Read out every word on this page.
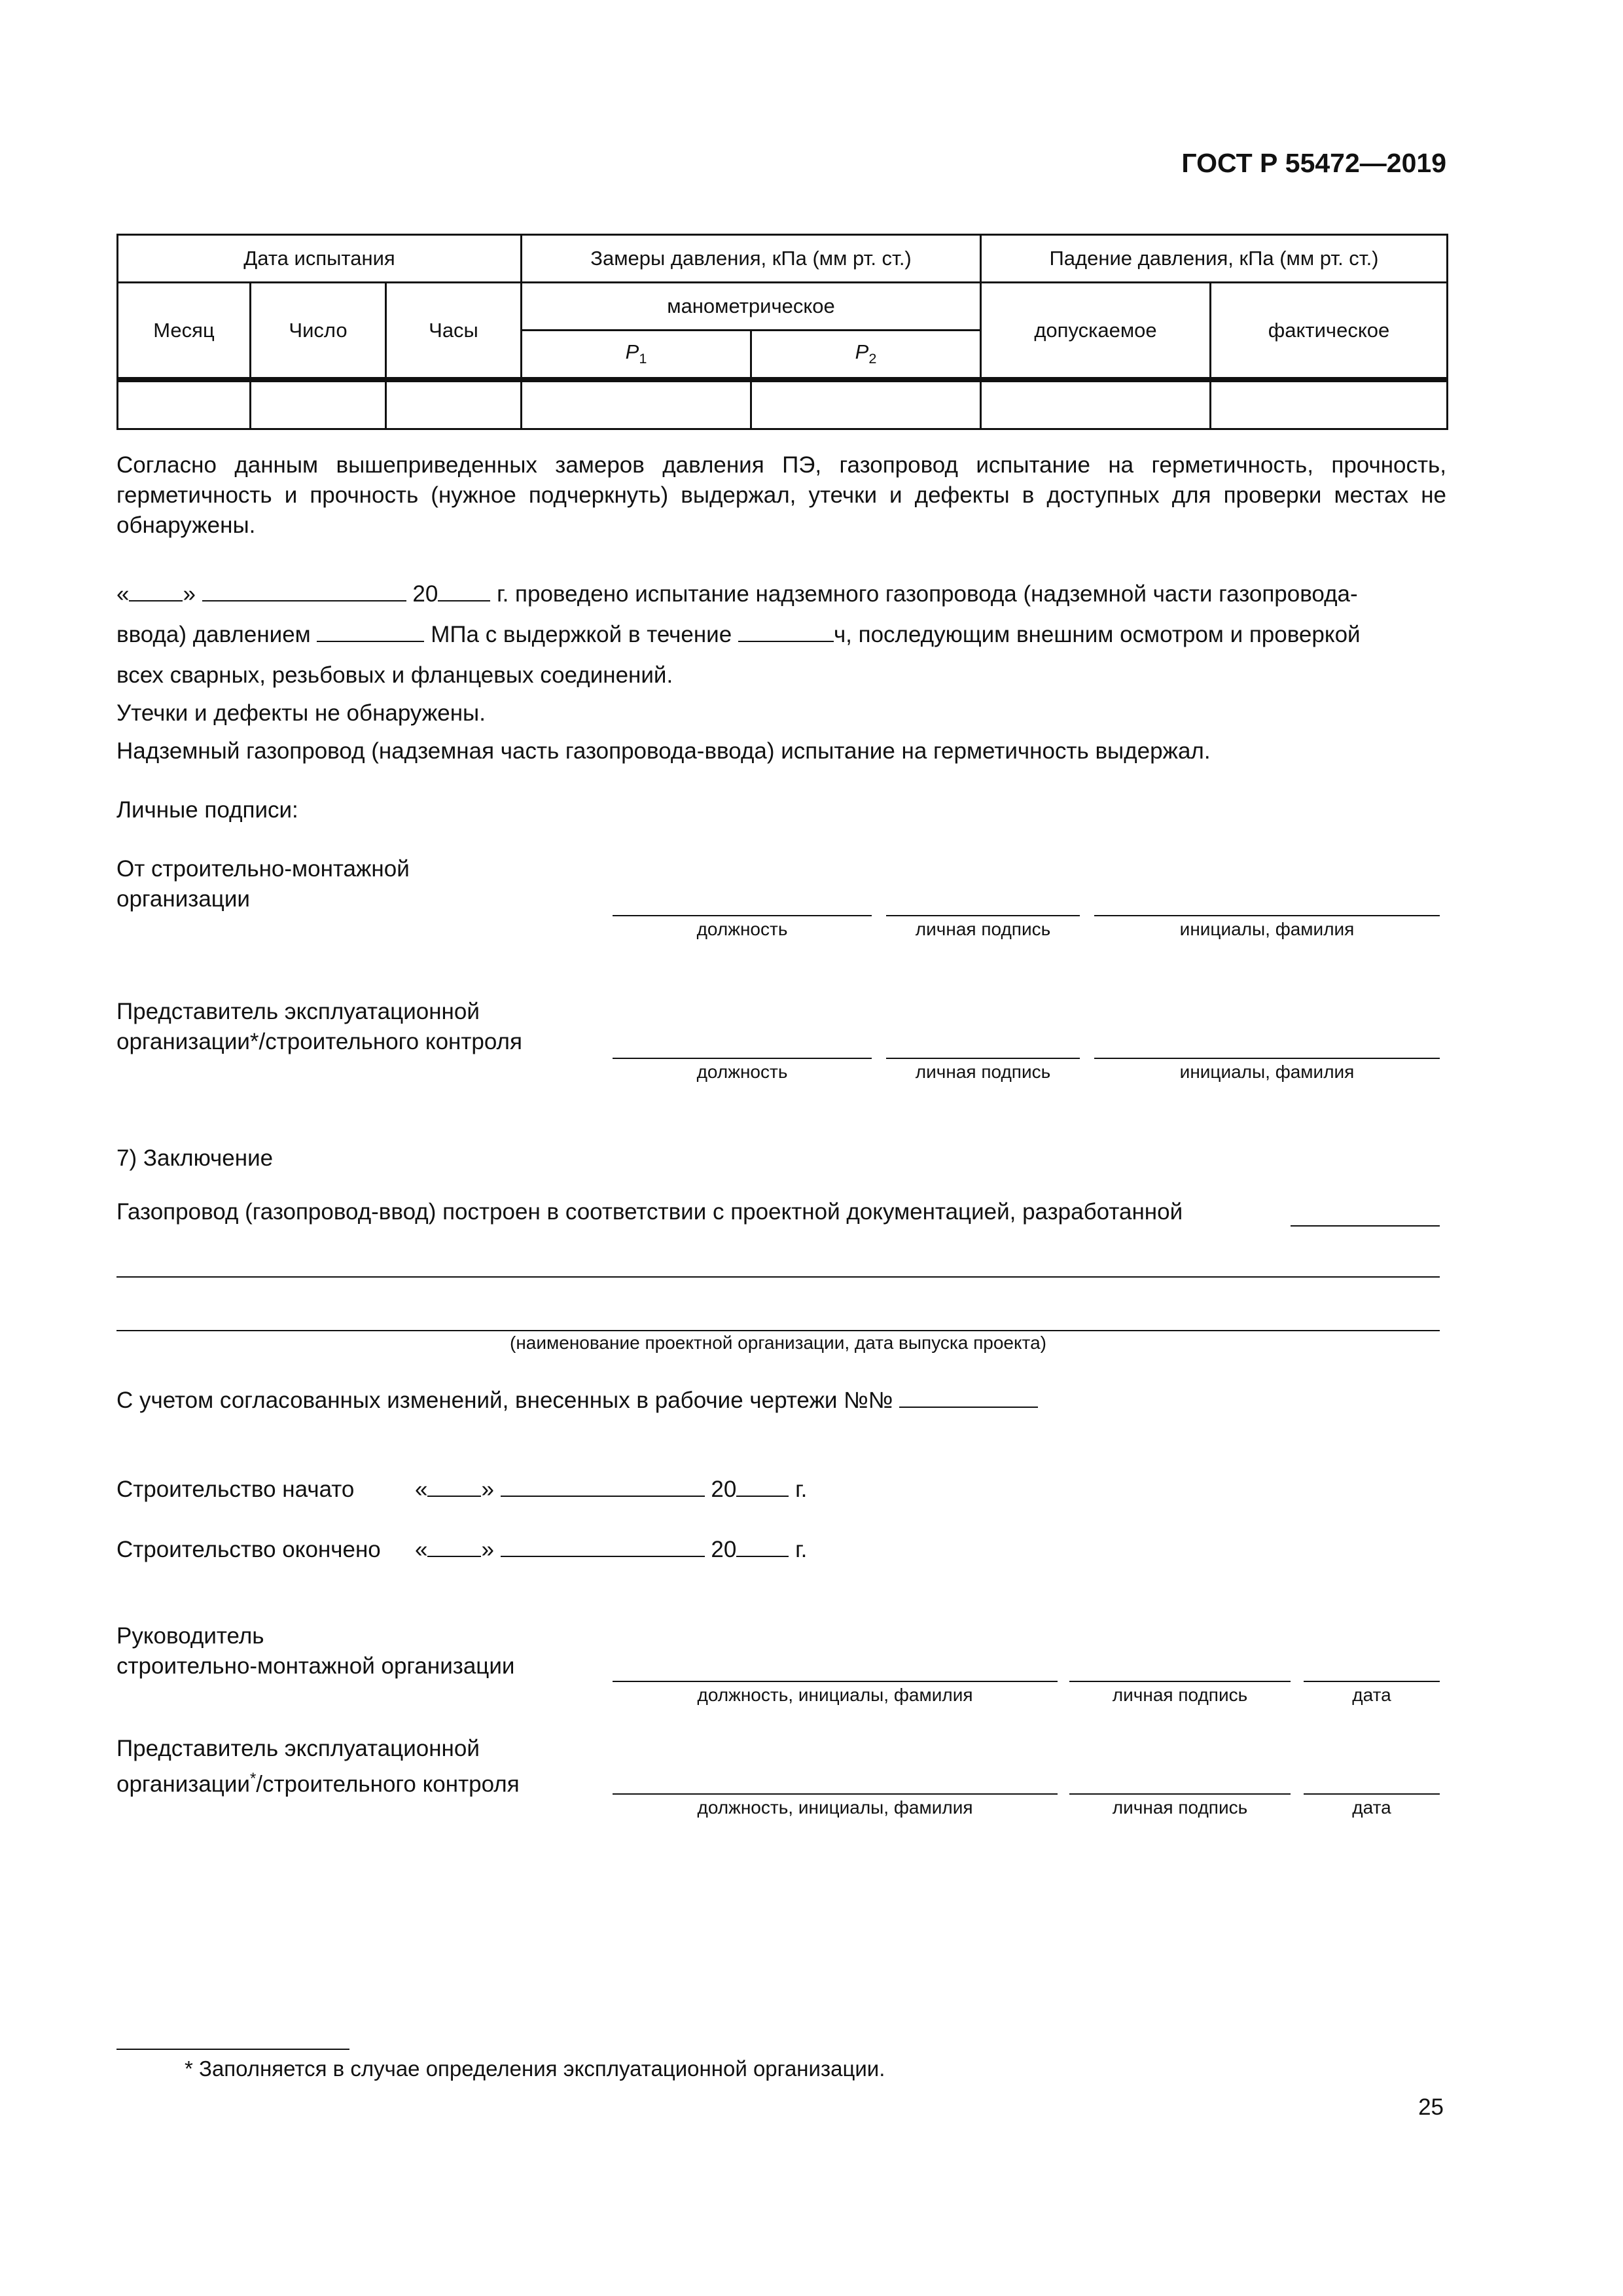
ГОСТ Р 55472—2019
Дата испытания			Замеры давления, кПа (мм рт. ст.)		Падение давления, кПа (мм рт. ст.)	
Месяц	Число	Часы	манометрическое		допускаемое	фактическое
			$P_1$	$P_2$

Согласно данным вышеприведенных замеров давления ПЭ, газопровод испытание на герметичность, прочность, герметичность и прочность (нужное подчеркнуть) выдержал, утечки и дефекты в доступных для проверки местах не обнаружены.
« »	20	г. проведено испытание надземного газопровода (надземной части газопровода-
ввода) давлением	МПа с выдержкой в течение	ч, последующим внешним осмотром и проверкой
всех сварных, резьбовых и фланцевых соединений.
Утечки и дефекты не обнаружены.
Надземный газопровод (надземная часть газопровода-ввода) испытание на герметичность выдержал.
Личные подписи:
От строительно-монтажной
организации
должность	личная подпись	инициалы, фамилия
Представитель эксплуатационной
организации*/строительного контроля
должность	личная подпись	инициалы, фамилия
7) Заключение
Газопровод (газопровод-ввод) построен в соответствии с проектной документацией, разработанной
(наименование проектной организации, дата выпуска проекта)
С учетом согласованных изменений, внесенных в рабочие чертежи №№
Строительство начато	« »	20	г.
Строительство окончено « »	20	г.
Руководитель
строительно-монтажной организации
должность, инициалы, фамилия	личная подпись	дата
Представитель эксплуатационной
организации*/строительного контроля
должность, инициалы, фамилия	личная подпись	дата
* Заполняется в случае определения эксплуатационной организации.
25
